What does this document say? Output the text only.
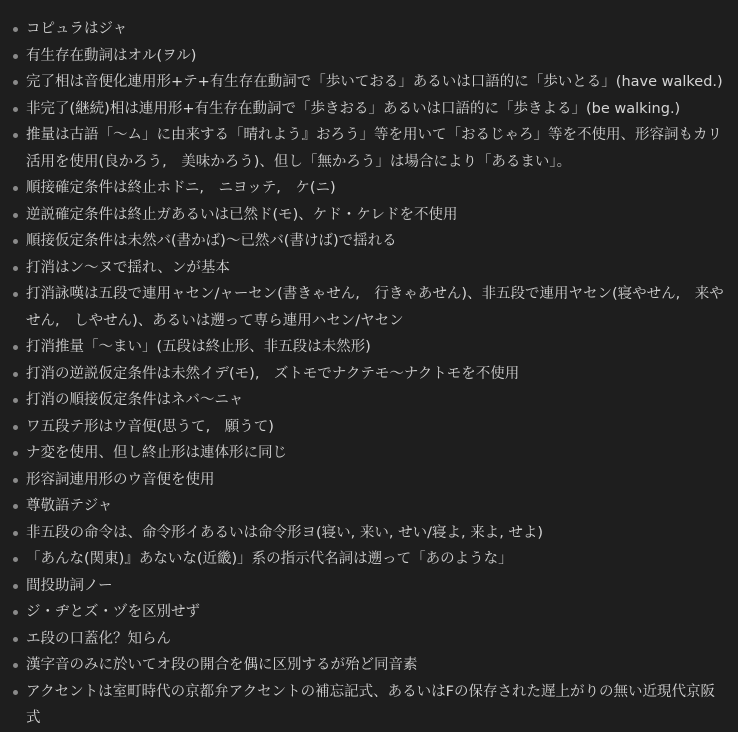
コピュラはジャ
有生存在動詞はオル(ヲル)
完了相は音便化連用形+テ+有生存在動詞で「歩いておる」あるいは口語的に「歩いとる」(have walked.)
非完了(継続)相は連用形+有生存在動詞で「歩きおる」あるいは口語的に「歩きよる」(be walking.)
推量は古語「〜ム」に由来する「晴れよう』おろう」等を用いて「おるじゃろ」等を不使用、形容詞もカリ活用を使用(良かろう,　美味かろう)、但し「無かろう」は場合により「あるまい」。
順接確定条件は終止ホドニ,　ニヨッテ,　ケ(ニ)
逆説確定条件は終止ガあるいは已然ド(モ)、ケド・ケレドを不使用
順接仮定条件は未然バ(書かば)〜已然バ(書けば)で揺れる
打消はン〜ヌで揺れ、ンが基本
打消詠嘆は五段で連用ャセン/ャーセン(書きゃせん,　行きゃあせん)、非五段で連用ヤセン(寝やせん,　来やせん,　しやせん)、あるいは遡って専ら連用ハセン/ヤセン
打消推量「〜まい」(五段は終止形、非五段は未然形)
打消の逆説仮定条件は未然イデ(モ),　ズトモでナクテモ〜ナクトモを不使用
打消の順接仮定条件はネバ〜ニャ
ワ五段テ形はウ音便(思うて,　願うて)
ナ変を使用、但し終止形は連体形に同じ
形容詞連用形のウ音便を使用
尊敬語テジャ
非五段の命令は、命令形イあるいは命令形ヨ(寝い, 来い, せい/寝よ, 来よ, せよ)
「あんな(関東)』あないな(近畿)」系の指示代名詞は遡って「あのような」
間投助詞ノー
ジ・ヂとズ・ヅを区別せず
エ段の口蓋化？知らん
漢字音のみに於いてオ段の開合を偶に区別するが殆ど同音素
アクセントは室町時代の京都弁アクセントの補忘記式、あるいはFの保存された遅上がりの無い近現代京阪式
